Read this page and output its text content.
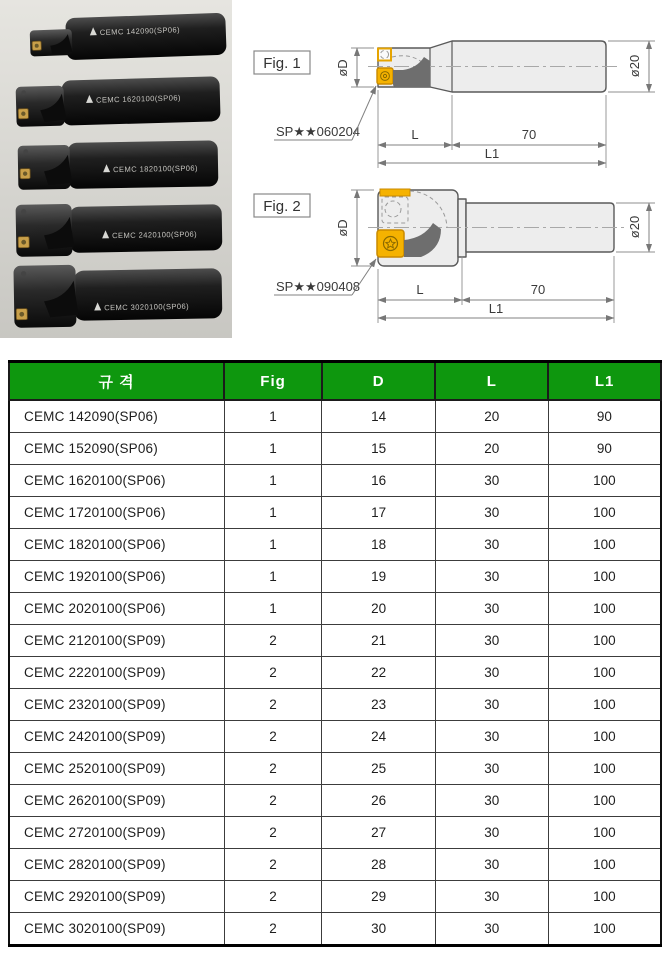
CEMC 142090(SP06)
CEMC 1620100(SP06)
CEMC 1820100(SP06)
CEMC 2420100(SP06)
CEMC 3020100(SP06)
Fig. 1	øD	ø20
SP★★060204	L	70
L1
Fig. 2
øD	ø20
SP★★090408	L	70
L1
규 격	Fig	D	L	L1
CEMC 142090(SP06)	1	14	20	90
CEMC 152090(SP06)	1	15	20	90
CEMC 1620100(SP06)	1	16	30	100
CEMC 1720100(SP06)	1	17	30	100
CEMC 1820100(SP06)	1	18	30	100
CEMC 1920100(SP06)	1	19	30	100
CEMC 2020100(SP06)	1	20	30	100
CEMC 2120100(SP09)	2	21	30	100
CEMC 2220100(SP09)	2	22	30	100
CEMC 2320100(SP09)	2	23	30	100
CEMC 2420100(SP09)	2	24	30	100
CEMC 2520100(SP09)	2	25	30	100
CEMC 2620100(SP09)	2	26	30	100
CEMC 2720100(SP09)	2	27	30	100
CEMC 2820100(SP09)	2	28	30	100
CEMC 2920100(SP09)	2	29	30	100
CEMC 3020100(SP09)	2	30	30	100
